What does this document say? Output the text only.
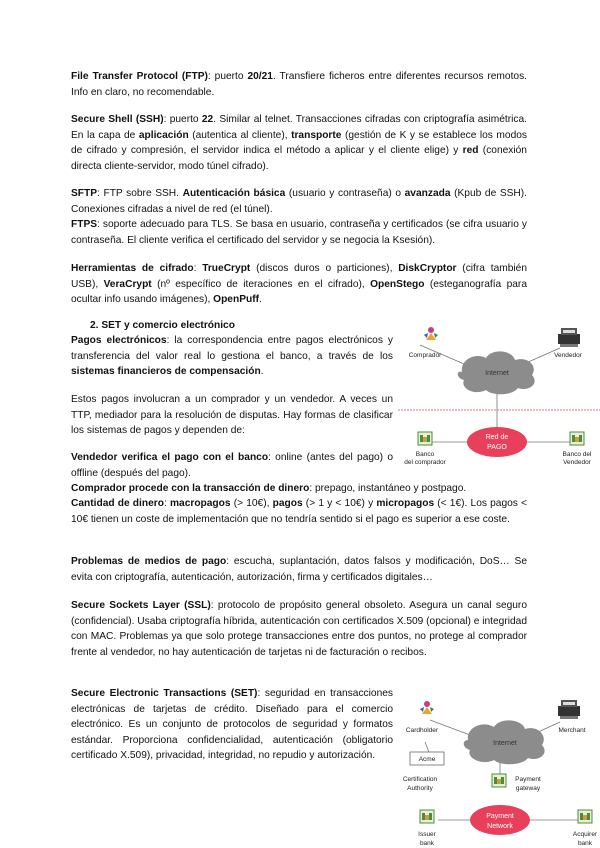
File Transfer Protocol (FTP): puerto 20/21. Transfiere ficheros entre diferentes recursos remotos. Info en claro, no recomendable.

Secure Shell (SSH): puerto 22. Similar al telnet. Transacciones cifradas con criptografía asimétrica. En la capa de aplicación (autentica al cliente), transporte (gestión de K y se establece los modos de cifrado y compresión, el servidor indica el método a aplicar y el cliente elige) y red (conexión directa cliente-servidor, modo túnel cifrado).

SFTP: FTP sobre SSH. Autenticación básica (usuario y contraseña) o avanzada (Kpub de SSH). Conexiones cifradas a nivel de red (el túnel).

FTPS: soporte adecuado para TLS. Se basa en usuario, contraseña y certificados (se cifra usuario y contraseña. El cliente verifica el certificado del servidor y se negocia la Ksesión).

Herramientas de cifrado: TrueCrypt (discos duros o particiones), DiskCryptor (cifra también USB), VeraCrypt (nº específico de iteraciones en el cifrado), OpenStego (esteganografía para ocultar info usando imágenes), OpenPuff.

2. SET y comercio electrónico

Pagos electrónicos: la correspondencia entre pagos electrónicos y transferencia del valor real lo gestiona el banco, a través de los sistemas financieros de compensación.

Estos pagos involucran a un comprador y un vendedor. A veces un TTP, mediador para la resolución de disputas. Hay formas de clasificar los sistemas de pagos y dependen de:

Vendedor verifica el pago con el banco: online (antes del pago) o offline (después del pago).

Comprador procede con la transacción de dinero: prepago, instantáneo y postpago.

Cantidad de dinero: macropagos (> 10€), pagos (> 1 y < 10€) y micropagos (< 1€). Los pagos < 10€ tienen un coste de implementación que no tendría sentido si el pago es superior a ese coste.

Problemas de medios de pago: escucha, suplantación, datos falsos y modificación, DoS… Se evita con criptografía, autenticación, autorización, firma y certificados digitales…

Secure Sockets Layer (SSL): protocolo de propósito general obsoleto. Asegura un canal seguro (confidencial). Usaba criptografía híbrida, autenticación con certificados X.509 (opcional) e integridad con MAC. Problemas ya que solo protege transacciones entre dos puntos, no protege al comprador frente al vendedor, no hay autenticación de tarjetas ni de facturación o recibos.

Secure Electronic Transactions (SET): seguridad en transacciones electrónicas de tarjetas de crédito. Diseñado para el comercio electrónico. Es un conjunto de protocolos de seguridad y formatos estándar. Proporciona confidencialidad, autenticación (obligatorio certificado X.509), privacidad, integridad, no repudio y autorización.

Internet
Red de
PAGO
Comprador	Vendedor
Banco
del comprador
Banco del
Vendedor
Internet
Payment
Network
Cardholder	Merchant
Acme
Certification
Authority
Payment
gateway
Issuer
bank
Acquirer
bank
